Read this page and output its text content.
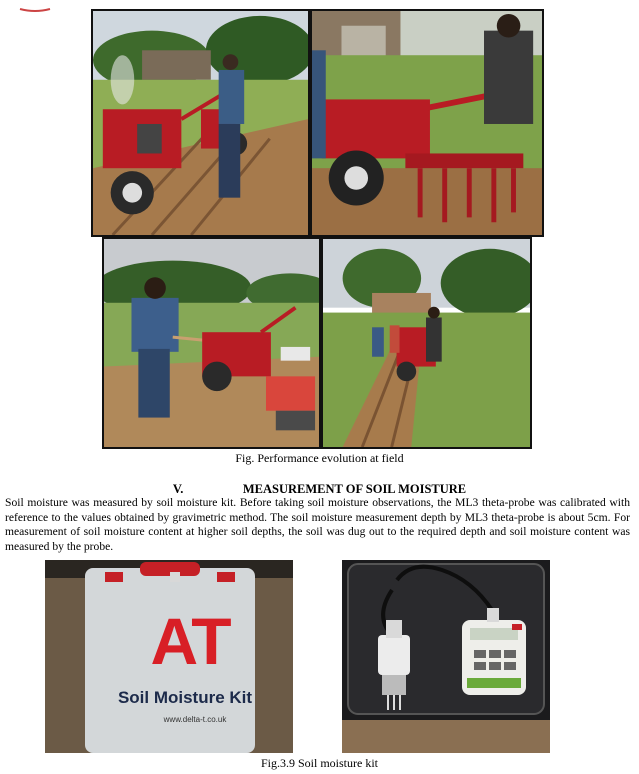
Fig. Performance evolution at field
V.	MEASUREMENT OF SOIL MOISTURE

Soil moisture was measured by soil moisture kit. Before taking soil moisture observations, the ML3 theta-probe was calibrated with reference to the values obtained by gravimetric method. The soil moisture measurement depth by ML3 theta-probe is about 5cm. For measurement of soil moisture content at higher soil depths, the soil was dug out to the required depth and soil moisture content was measured by the probe.

AT
Soil Moisture Kit
www.delta-t.co.uk
Fig.3.9 Soil moisture kit
